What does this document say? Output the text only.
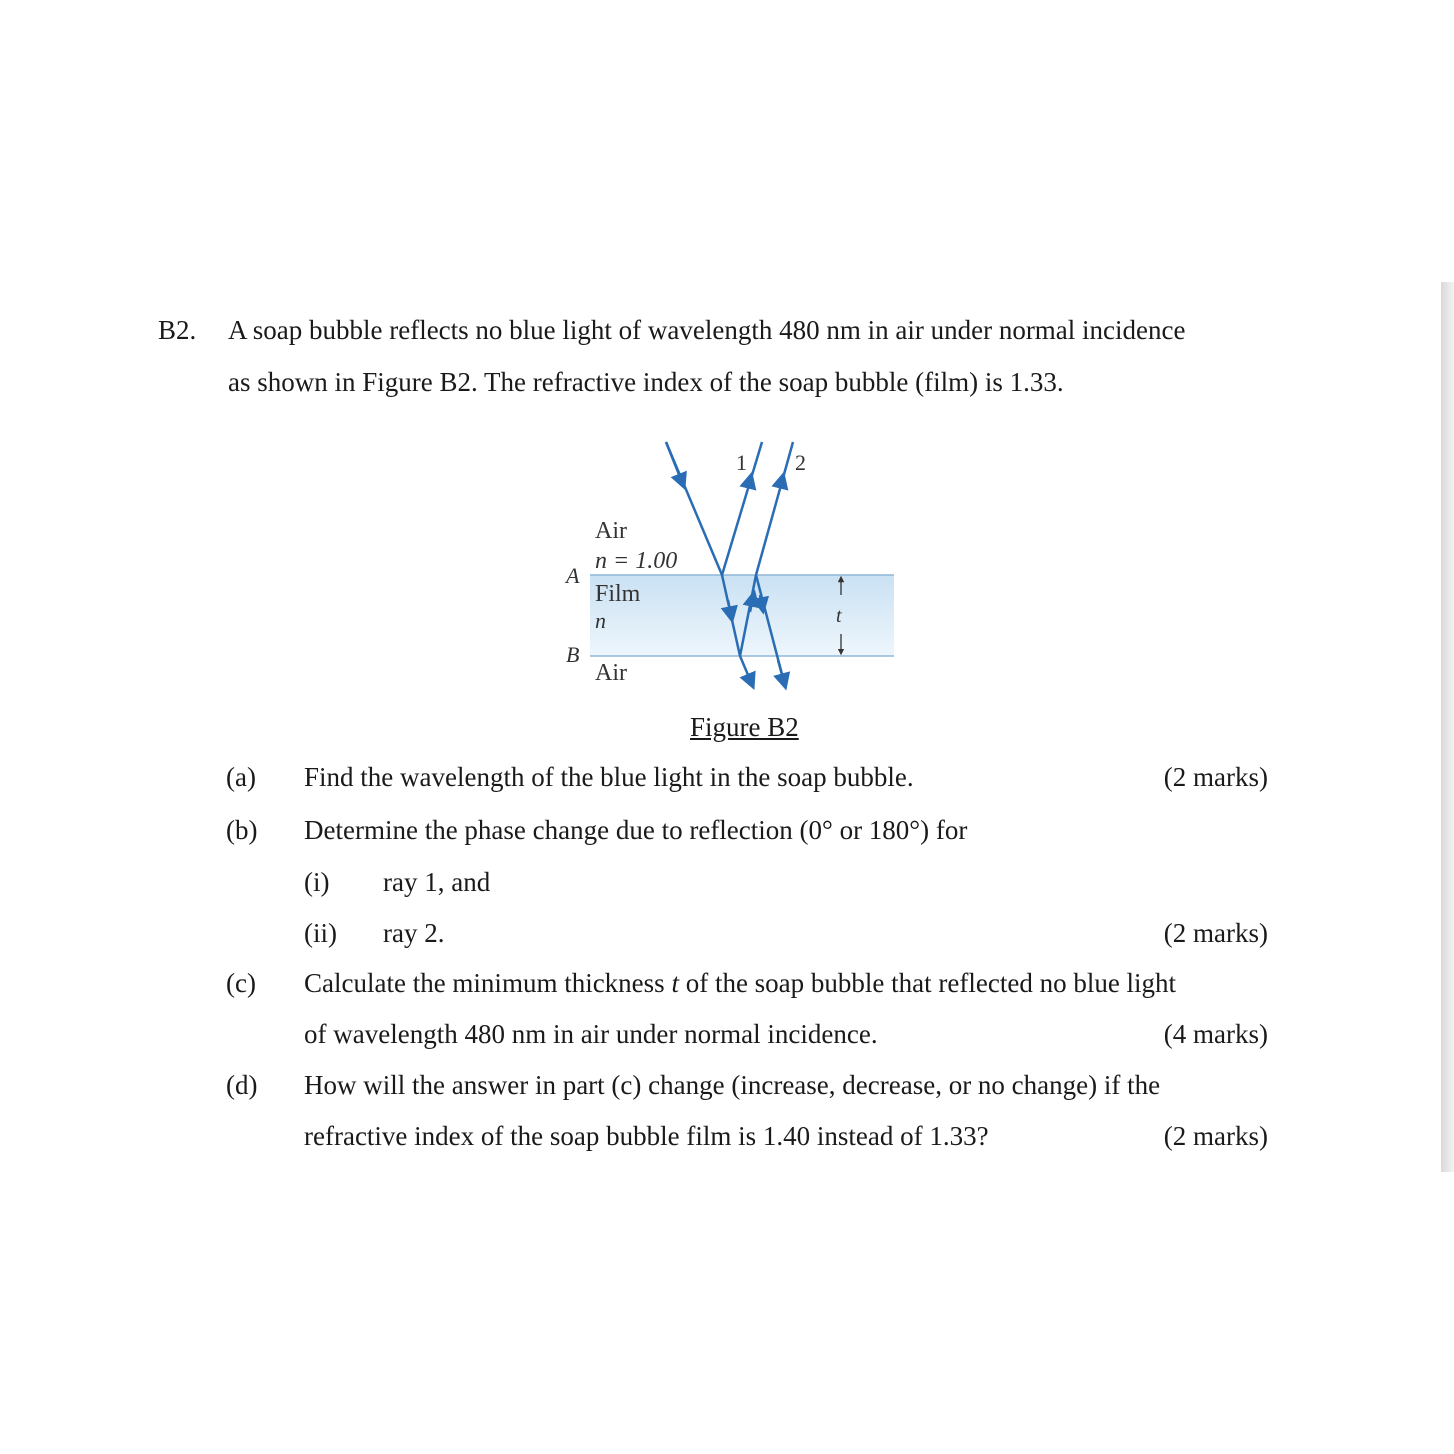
B2. A soap bubble reflects no blue light of wavelength 480 nm in air under normal incidence
as shown in Figure B2. The refractive index of the soap bubble (film) is 1.33.
t
1 2
Air
n = 1.00
A
Film
n
B
Air
Figure B2
(a) Find the wavelength of the blue light in the soap bubble.	(2 marks)
(b) Determine the phase change due to reflection (0° or 180°) for
(i) ray 1, and
(ii) ray 2.	(2 marks)
(c) Calculate the minimum thickness t of the soap bubble that reflected no blue light
of wavelength 480 nm in air under normal incidence.	(4 marks)
(d) How will the answer in part (c) change (increase, decrease, or no change) if the
refractive index of the soap bubble film is 1.40 instead of 1.33?	(2 marks)
